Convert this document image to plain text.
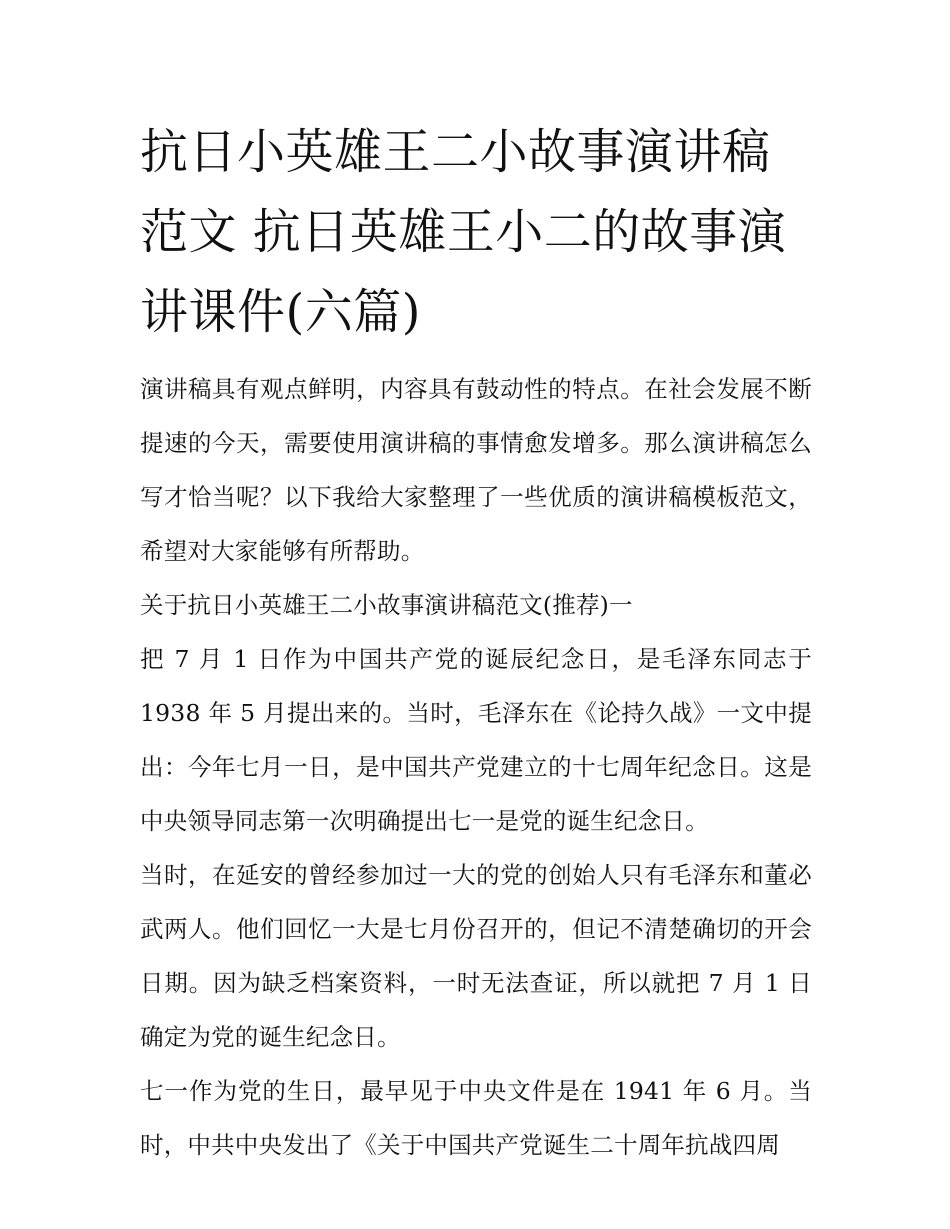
抗日小英雄王二小故事演讲稿范文 抗日英雄王小二的故事演讲课件(六篇)

演讲稿具有观点鲜明，内容具有鼓动性的特点。在社会发展不断提速的今天，需要使用演讲稿的事情愈发增多。那么演讲稿怎么写才恰当呢？以下我给大家整理了一些优质的演讲稿模板范文，希望对大家能够有所帮助。

关于抗日小英雄王二小故事演讲稿范文(推荐)一

把 7 月 1 日作为中国共产党的诞辰纪念日，是毛泽东同志于 1938 年 5 月提出来的。当时，毛泽东在《论持久战》一文中提出：今年七月一日，是中国共产党建立的十七周年纪念日。这是中央领导同志第一次明确提出七一是党的诞生纪念日。

当时，在延安的曾经参加过一大的党的创始人只有毛泽东和董必武两人。他们回忆一大是七月份召开的，但记不清楚确切的开会日期。因为缺乏档案资料，一时无法查证，所以就把 7 月 1 日确定为党的诞生纪念日。

七一作为党的生日，最早见于中央文件是在 1941 年 6 月。当时，中共中央发出了《关于中国共产党诞生二十周年抗战四周
